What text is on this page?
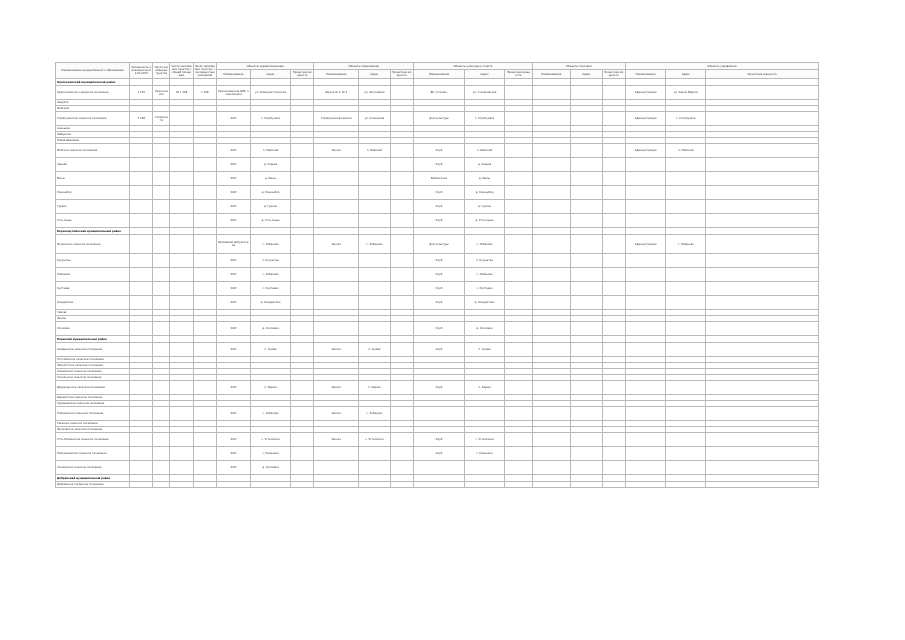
Наименование муниципального образования	Численность населения на 01.01.2015	Число населённых пунктов	Число населённых пунктов с общей площадью	Число населённых пунктов, с численностью населения	Объекты здравоохранения			Объекты образования			Объекты культуры и спорта			Объекты торговли			Объекты управления		
					Наименование	Адрес	Проектная мощность	Наименование	Адрес	Проектная мощность	Наименование	Адрес	Проектная мощность	Наименование	Адрес	Проектная мощность	Наименование	Адрес	Проектная мощность
Краснокамский муниципальный район																			
Краснокамское городское поселение	1 155	Краснокамск	18 7 158	1 198	Краснокамская ЦРБ, поликлиника	ул. Коммунистическая		Школа № 1, № 2	ул. Шоссейная		ДК «Гознак»	ул. Гознаковская					Администрация	ул. Карла Маркса	
Оверята																			
Майский																			
Стряпунинское сельское поселение	3 398	Стряпунята			ФАП	с. Стряпунята		Стряпунинская школа	ул. Солнечная		Дом культуры	с. Стряпунята					Администрация	с. Стряпунята	
Ананьино																			
Шабуничи																			
Новая Ивановка																			
Майское сельское поселение					ФАП	п. Майский		Школа	п. Майский		Клуб	п. Майский					Администрация	п. Майский	
Черная					ФАП	д. Черная					Клуб	д. Черная							
Мысы					ФАП	д. Мысы					Библиотека	д. Мысы							
Конец-Бор					ФАП	д. Конец-Бор					Клуб	д. Конец-Бор							
Гурино					ФАП	д. Гурино					Клуб	д. Гурино							
Усть-Сыны					ФАП	д. Усть-Сыны					Клуб	д. Усть-Сыны							
Верхнемуллинский муниципальный район																			
Мулянское сельское поселение					Врачебная амбулатория	с. Лобаново		Школа	с. Лобаново		Дом культуры	с. Лобаново					Администрация	с. Лобаново	
Кукуштан					ФАП	п. Кукуштан					Клуб	п. Кукуштан							
Лобаново					ФАП	с. Лобаново					Клуб	с. Лобаново							
Култаево					ФАП	с. Култаево					Клуб	с. Култаево							
Кондратово					ФАП	д. Кондратово					Клуб	д. Кондратово							
Гамово																			
Фролы																			
Хохловка					ФАП	д. Хохловка					Клуб	д. Хохловка							
Пермский муниципальный район																			
Сылвенское сельское поселение					ФАП	п. Сылва		Школа	п. Сылва		Клуб	п. Сылва							
Юго-Камское сельское поселение																			
Заболотское сельское поселение																			
Кояновское сельское поселение																			
Сокольское сельское поселение																			
Двуреченское сельское поселение					ФАП	п. Ферма		Школа	п. Ферма		Клуб	п. Ферма							
Бершетское сельское поселение																			
Курашимское сельское поселение																			
Лобановское сельское поселение					ФАП	с. Лобаново		Школа	с. Лобаново										
Таежное сельское поселение																			
Фроловское сельское поселение																			
Усть-Качкинское сельское поселение					ФАП	с. Усть-Качка		Школа	с. Усть-Качка		Клуб	с. Усть-Качка							
Пальниковское сельское поселение					ФАП	с. Пальники					Клуб	с. Пальники							
Хохловское сельское поселение					ФАП	д. Хохловка													
Добрянский муниципальный район																			
Добрянское городское поселение																			
